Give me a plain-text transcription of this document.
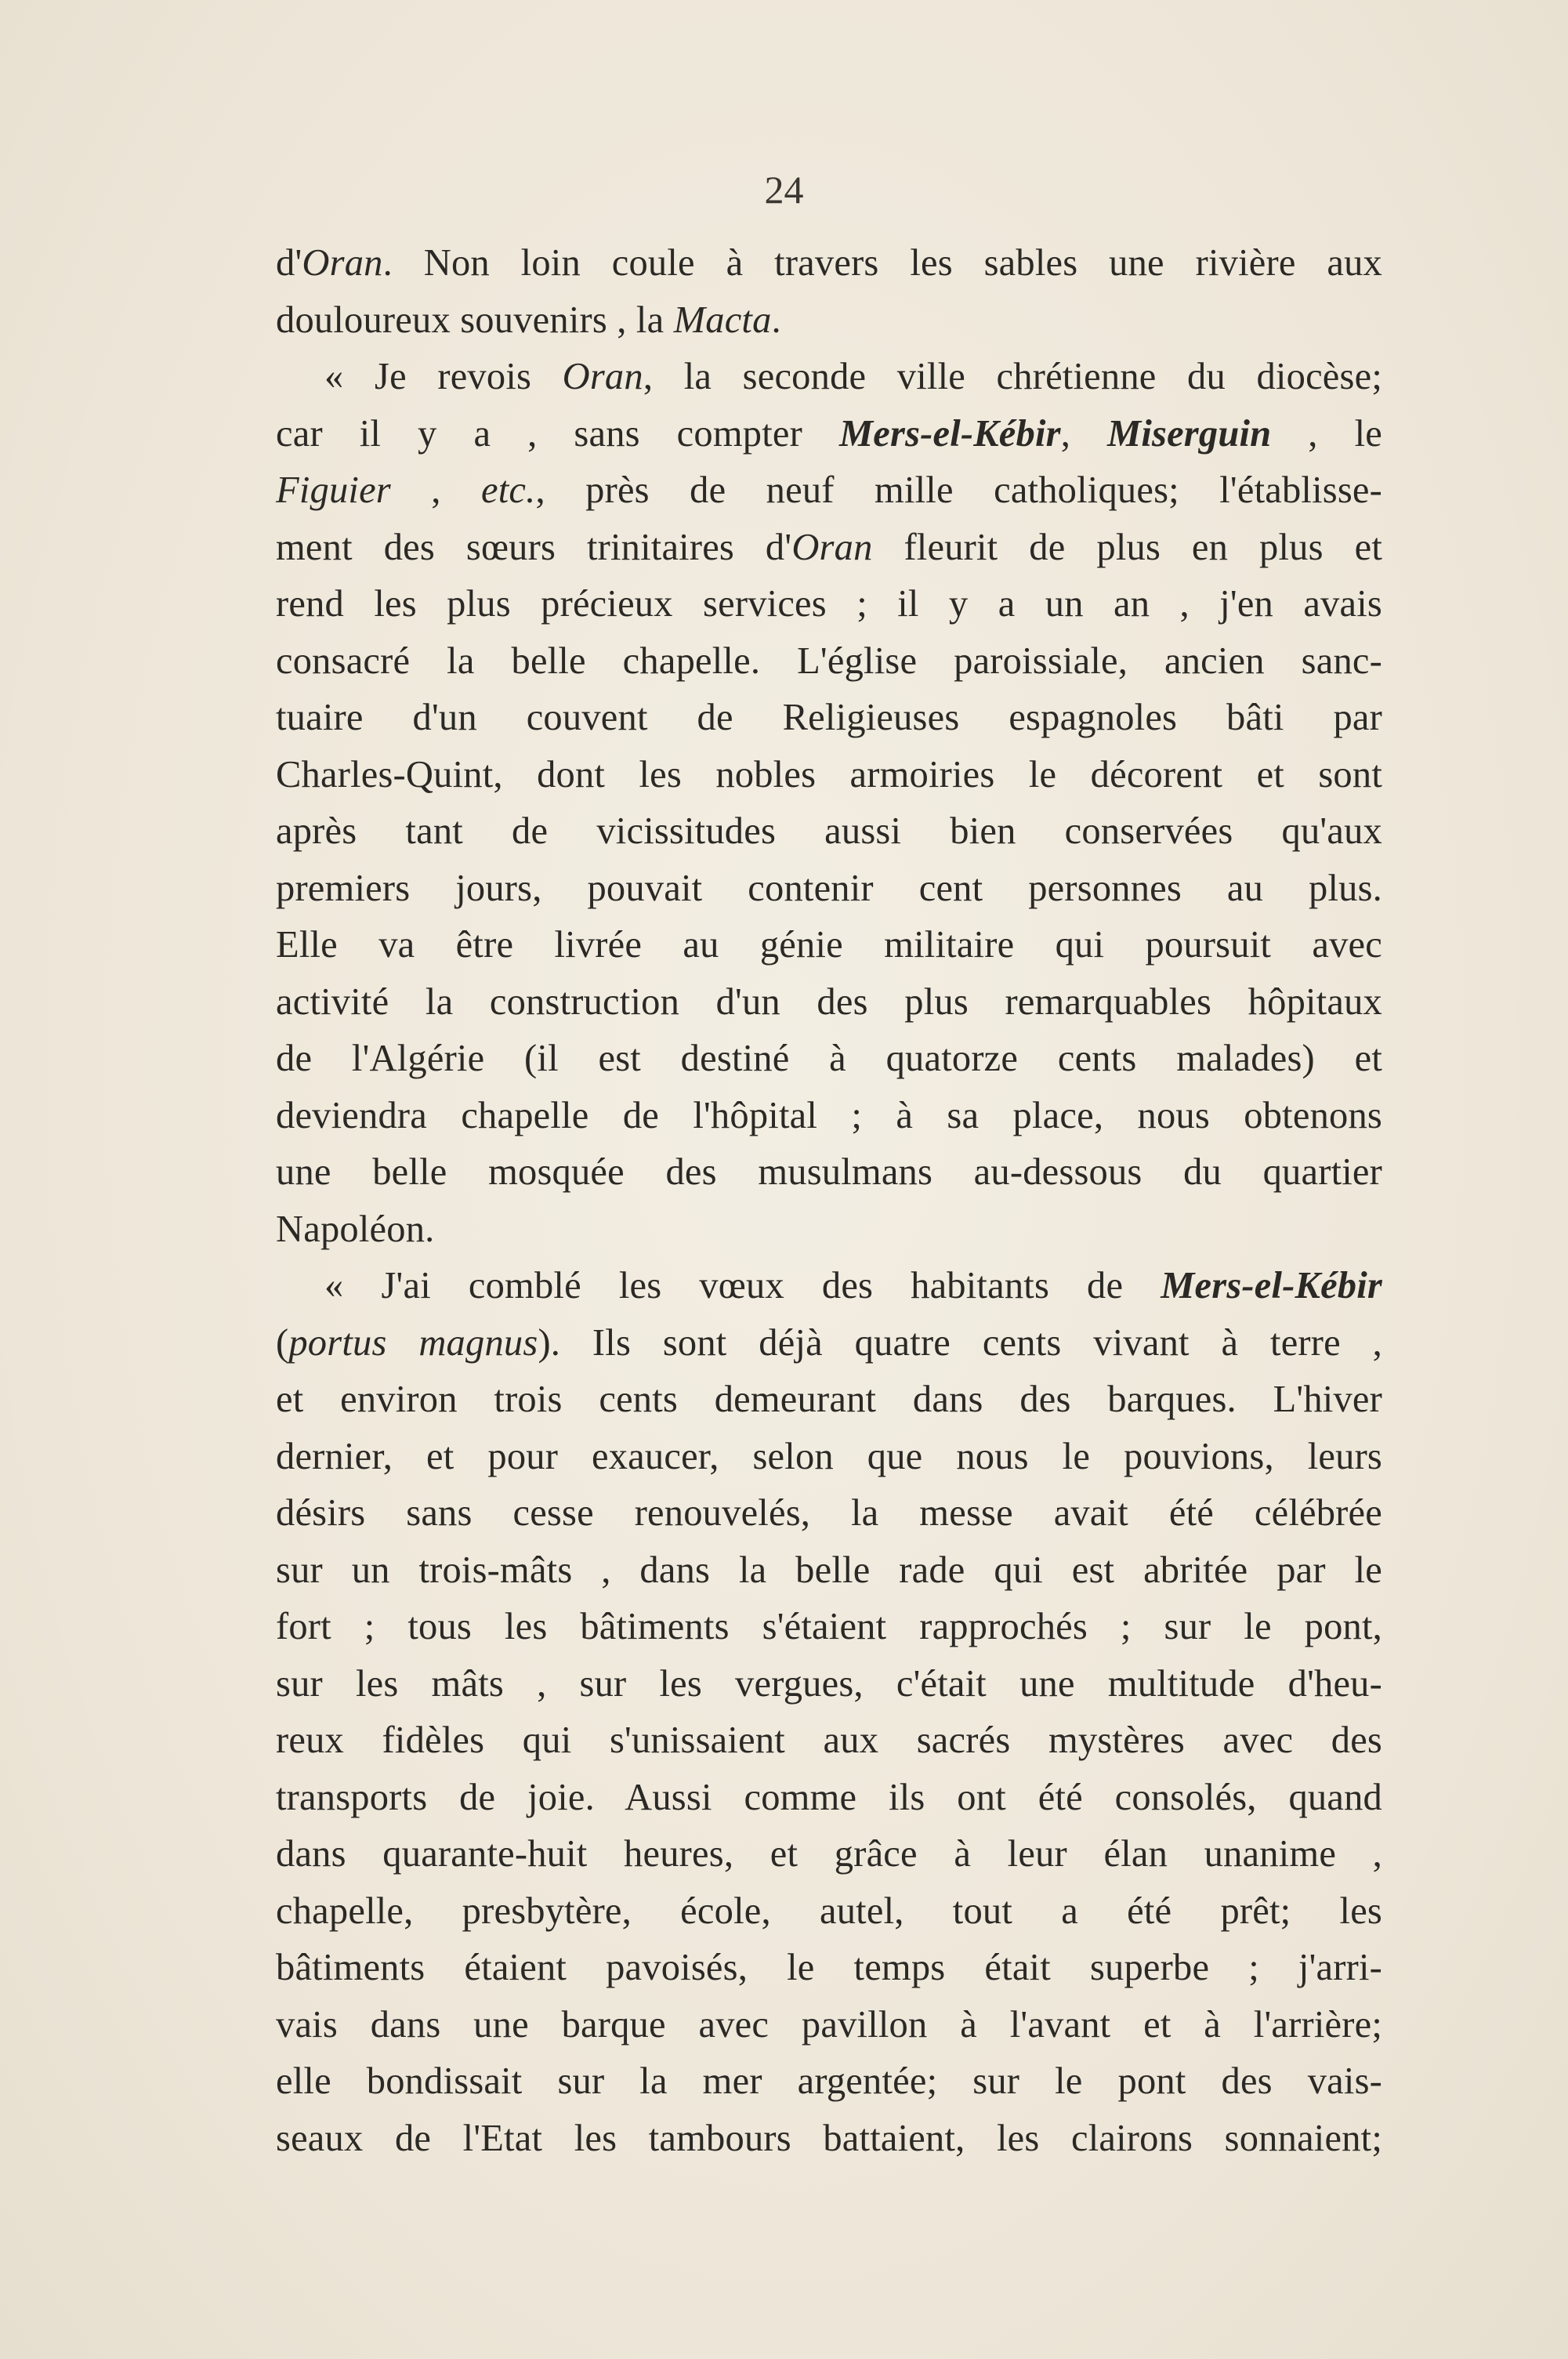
24
d'Oran. Non loin coule à travers les sables une rivière aux
douloureux souvenirs , la Macta.
« Je revois Oran, la seconde ville chrétienne du diocèse;
car il y a , sans compter Mers-el-Kébir, Miserguin , le
Figuier , etc., près de neuf mille catholiques; l'établisse-
ment des sœurs trinitaires d'Oran fleurit de plus en plus et
rend les plus précieux services ; il y a un an , j'en avais
consacré la belle chapelle. L'église paroissiale, ancien sanc-
tuaire d'un couvent de Religieuses espagnoles bâti par
Charles-Quint, dont les nobles armoiries le décorent et sont
après tant de vicissitudes aussi bien conservées qu'aux
premiers jours, pouvait contenir cent personnes au plus.
Elle va être livrée au génie militaire qui poursuit avec
activité la construction d'un des plus remarquables hôpitaux
de l'Algérie (il est destiné à quatorze cents malades) et
deviendra chapelle de l'hôpital ; à sa place, nous obtenons
une belle mosquée des musulmans au-dessous du quartier
Napoléon.
« J'ai comblé les vœux des habitants de Mers-el-Kébir
(portus magnus). Ils sont déjà quatre cents vivant à terre ,
et environ trois cents demeurant dans des barques. L'hiver
dernier, et pour exaucer, selon que nous le pouvions, leurs
désirs sans cesse renouvelés, la messe avait été célébrée
sur un trois-mâts , dans la belle rade qui est abritée par le
fort ; tous les bâtiments s'étaient rapprochés ; sur le pont,
sur les mâts , sur les vergues, c'était une multitude d'heu-
reux fidèles qui s'unissaient aux sacrés mystères avec des
transports de joie. Aussi comme ils ont été consolés, quand
dans quarante-huit heures, et grâce à leur élan unanime ,
chapelle, presbytère, école, autel, tout a été prêt; les
bâtiments étaient pavoisés, le temps était superbe ; j'arri-
vais dans une barque avec pavillon à l'avant et à l'arrière;
elle bondissait sur la mer argentée; sur le pont des vais-
seaux de l'Etat les tambours battaient, les clairons sonnaient;
